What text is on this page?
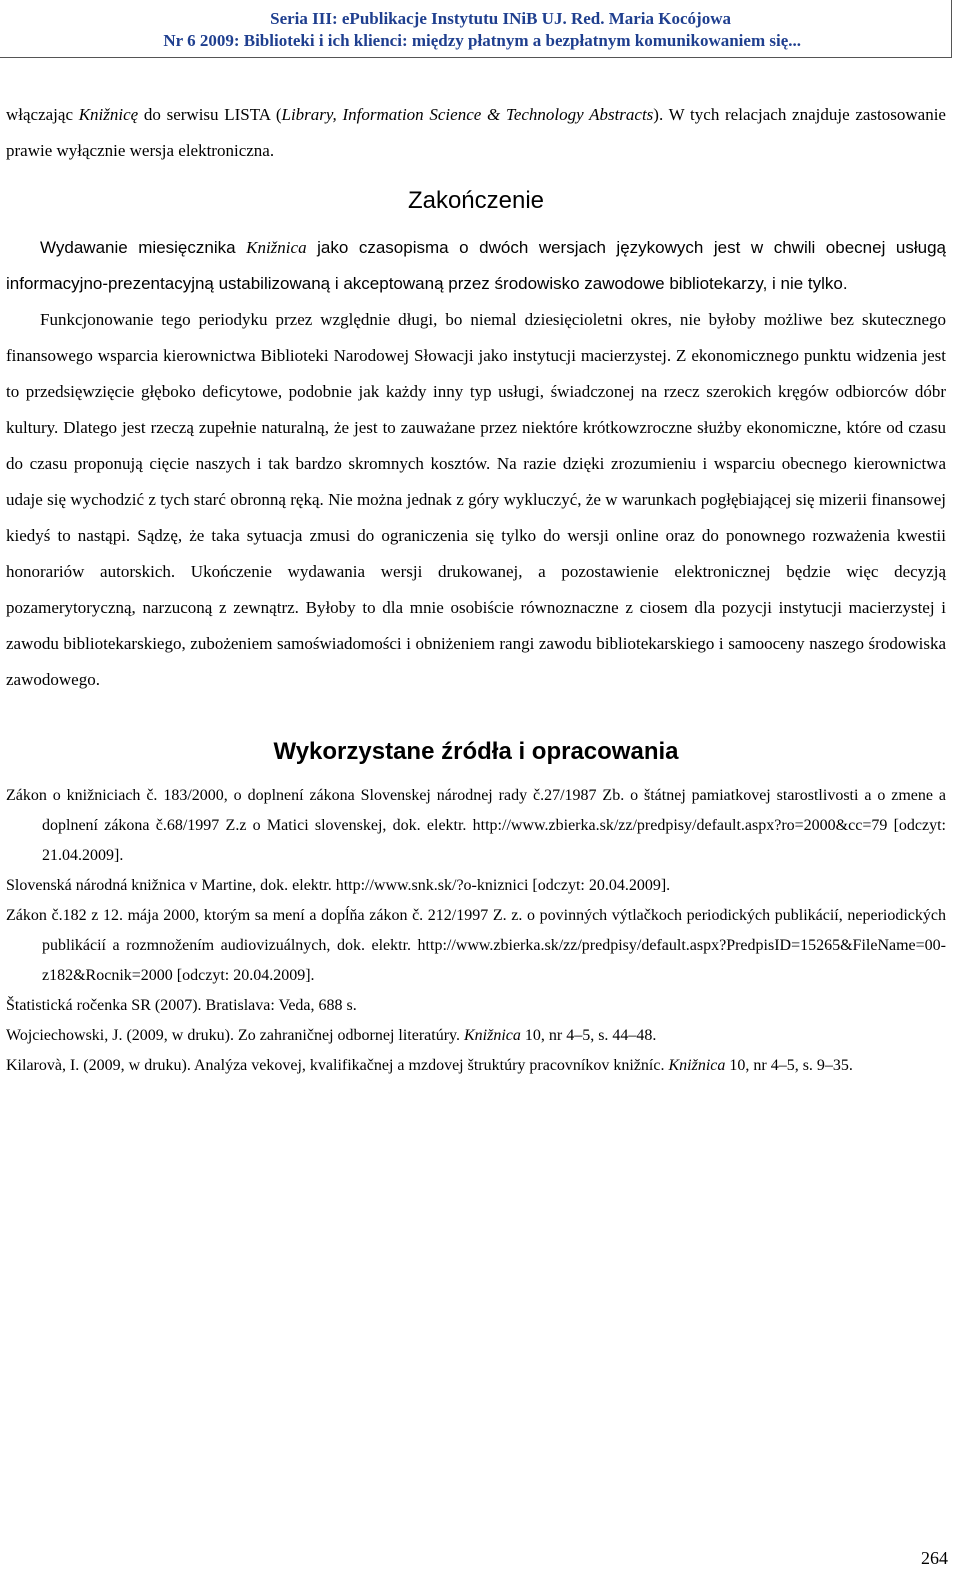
Seria III: ePublikacje Instytutu INiB UJ. Red. Maria Kocójowa
Nr 6 2009: Biblioteki i ich klienci: między płatnym a bezpłatnym komunikowaniem się...

włączając Knižnicę do serwisu LISTA (Library, Information Science & Technology Abstracts). W tych relacjach znajduje zastosowanie prawie wyłącznie wersja elektroniczna.

Zakończenie

Wydawanie miesięcznika Knižnica jako czasopisma o dwóch wersjach językowych jest w chwili obecnej usługą informacyjno-prezentacyjną ustabilizowaną i akceptowaną przez środowisko zawodowe bibliotekarzy, i nie tylko.

Funkcjonowanie tego periodyku przez względnie długi, bo niemal dziesięcioletni okres, nie byłoby możliwe bez skutecznego finansowego wsparcia kierownictwa Biblioteki Narodowej Słowacji jako instytucji macierzystej. Z ekonomicznego punktu widzenia jest to przedsięwzięcie głęboko deficytowe, podobnie jak każdy inny typ usługi, świadczonej na rzecz szerokich kręgów odbiorców dóbr kultury. Dlatego jest rzeczą zupełnie naturalną, że jest to zauważane przez niektóre krótkowzroczne służby ekonomiczne, które od czasu do czasu proponują cięcie naszych i tak bardzo skromnych kosztów. Na razie dzięki zrozumieniu i wsparciu obecnego kierownictwa udaje się wychodzić z tych starć obronną ręką. Nie można jednak z góry wykluczyć, że w warunkach pogłębiającej się mizerii finansowej kiedyś to nastąpi. Sądzę, że taka sytuacja zmusi do ograniczenia się tylko do wersji online oraz do ponownego rozważenia kwestii honorariów autorskich. Ukończenie wydawania wersji drukowanej, a pozostawienie elektronicznej będzie więc decyzją pozamerytoryczną, narzuconą z zewnątrz. Byłoby to dla mnie osobiście równoznaczne z ciosem dla pozycji instytucji macierzystej i zawodu bibliotekarskiego, zubożeniem samoświadomości i obniżeniem rangi zawodu bibliotekarskiego i samooceny naszego środowiska zawodowego.

Wykorzystane źródła i opracowania

Zákon o knižniciach č. 183/2000, o doplnení zákona Slovenskej národnej rady č.27/1987 Zb. o štátnej pamiatkovej starostlivosti a o zmene a doplnení zákona č.68/1997 Z.z o Matici slovenskej, dok. elektr. http://www.zbierka.sk/zz/predpisy/default.aspx?ro=2000&cc=79 [odczyt: 21.04.2009].

Slovenská národná knižnica v Martine, dok. elektr. http://www.snk.sk/?o-kniznici [odczyt: 20.04.2009].

Zákon č.182 z 12. mája 2000, ktorým sa mení a dopĺňa zákon č. 212/1997 Z. z. o povinných výtlačkoch periodických publikácií, neperiodických publikácií a rozmnožením audiovizuálnych, dok. elektr. http://www.zbierka.sk/zz/predpisy/default.aspx?PredpisID=15265&FileName=00-z182&Rocnik=2000 [odczyt: 20.04.2009].

Štatistická ročenka SR (2007). Bratislava: Veda, 688 s.

Wojciechowski, J. (2009, w druku). Zo zahraničnej odbornej literatúry. Knižnica 10, nr 4–5, s. 44–48.

Kilarovà, I. (2009, w druku). Analýza vekovej, kvalifikačnej a mzdovej štruktúry pracovníkov knižníc. Knižnica 10, nr 4–5, s. 9–35.

264
